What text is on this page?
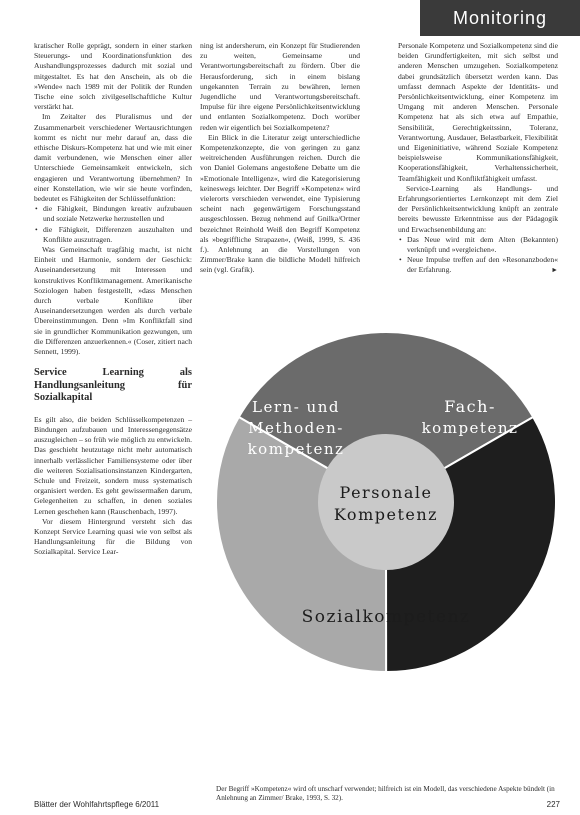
Monitoring

kratischer Rolle geprägt, sondern in einer starken Steuerungs- und Koordinationsfunktion des Aushandlungsprozesses dadurch mit sozial und mitgestaltet. Es hat den Anschein, als ob die »Wende« nach 1989 mit der Politik der Runden Tische eine solch zivilgesellschaftliche Kultur verstärkt hat.

Im Zeitalter des Pluralismus und der Zusammenarbeit verschiedener Wertausrichtungen kommt es nicht nur mehr darauf an, dass die ethische Diskurs-Kompetenz hat und wie mit einer damit verbundenen, wie Menschen einer aller Unterschiede Gemeinsamkeit entwickeln, sich engagieren und Verantwortung übernehmen? In einer Konstellation, wie wir sie heute vorfinden, bedeutet es Fähigkeiten der Schlüsselfunktion:

• die Fähigkeit, Bindungen kreativ aufzubauen und soziale Netzwerke herzustellen und
• die Fähigkeit, Differenzen auszuhalten und Konflikte auszutragen.

Was Gemeinschaft tragfähig macht, ist nicht Einheit und Harmonie, sondern der Geschick: Auseinandersetzung mit Interessen und konstruktives Konfliktmanagement. Amerikanische Soziologen haben festgestellt, »dass Menschen durch verbale Konflikte über Auseinandersetzungen werden als durch verbale Übereinstimmungen. Denn »Im Konfliktfall sind sie in grundlicher Kommunikation gezwungen, um die Differenzen anzuerkennen.« (Coser, zitiert nach Sennett, 1999).

Service Learning als Handlungsanleitung für Sozialkapital

Es gilt also, die beiden Schlüsselkompetenzen – Bindungen aufzubauen und Interessengegensätze auszugleichen – so früh wie möglich zu entwickeln. Das geschieht heutzutage nicht mehr automatisch innerhalb verlässlicher Familiensysteme oder über die weiteren Sozialisationsinstanzen Kindergarten, Schule und Freizeit, sondern muss systematisch organisiert werden. Es geht gewissermaßen darum, Gelegenheiten zu schaffen, in denen soziales Lernen geschehen kann (Rauschenbach, 1997).

Vor diesem Hintergrund versteht sich das Konzept Service Learning quasi wie von selbst als Handlungsanleitung für die Bildung von Sozialkapital. Service Lear-

ning ist andersherum, ein Konzept für Studierenden zu weiten, Gemeinsame und Verantwortungsbereitschaft zu fördern. Über die Herausforderung, sich in einem bislang ungekannten Terrain zu bewähren, lernen Jugendliche und Verantwortungsbereitschaft. Impulse für ihre eigene Persönlichkeitsentwicklung und entlanten Sozialkompetenz. Doch worüber reden wir eigentlich bei Sozialkompetenz?

Ein Blick in die Literatur zeigt unterschiedliche Kompetenzkonzepte, die von geringen zu ganz weitreichenden Ausführungen reichen. Durch die von Daniel Golemans angestoßene Debatte um die »Emotionale Intelligenz«, wird die Kategorisierung keineswegs leichter. Der Begriff »Kompetenz« wird vielerorts verschieden verwendet, eine Typisierung scheint nach gegenwärtigem Forschungsstand ausgeschlossen. Bezug nehmend auf Gnilka/Ortner bezeichnet Reinhold Weiß den Begriff Kompetenz als »begriffliche Strapazen«, (Weiß, 1999, S. 436 f.). Anlehnung an die Vorstellungen von Zimmer/Brake kann die bildliche Modell hilfreich sein (vgl. Grafik).

Personale Kompetenz und Sozialkompetenz sind die beiden Grundfertigkeiten, mit sich selbst und anderen Menschen umzugehen. Sozialkompetenz dabei grundsätzlich übersetzt werden kann. Das umfasst demnach Aspekte der Identitäts- und Persönlichkeitsentwicklung, einer Kompetenz im Umgang mit anderen Menschen. Personale Kompetenz hat als sich etwa auf Empathie, Sensibilität, Gerechtigkeitssinn, Toleranz, Verantwortung, Ausdauer, Belastbarkeit, Flexibilität und Eigeninitiative, während Soziale Kompetenz beispielsweise Kommunikationsfähigkeit, Kooperationsfähigkeit, Verhaltenssicherheit, Teamfähigkeit und Konfliktfähigkeit umfasst.

Service-Learning als Handlungs- und Erfahrungsorientiertes Lernkonzept mit dem Ziel der Persönlichkeitsentwicklung knüpft an zentrale bereits bewusste Erkenntnisse aus der Pädagogik und Erwachsenenbildung an:

• Das Neue wird mit dem Alten (Bekannten) verknüpft und »vergleichen«.
• Neue Impulse treffen auf den »Resonanzboden« der Erfahrung.	►
Lern- und
Methoden-
kompetenz
Fach-
kompetenz
Sozialkompetenz
Personale
Kompetenz
Der Begriff »Kompetenz« wird oft unscharf verwendet; hilfreich ist ein Modell, das verschiedene Aspekte bündelt (in Anlehnung an Zimmer/ Brake, 1993, S. 32).
Blätter der Wohlfahrtspflege 6/2011	227
